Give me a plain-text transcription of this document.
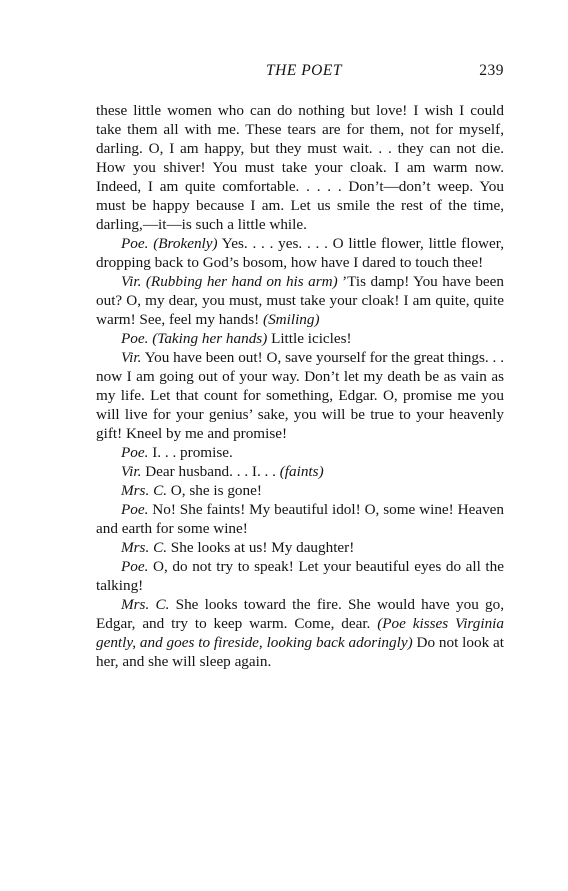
THE POET	239

these little women who can do nothing but love! I wish I could take them all with me. These tears are for them, not for myself, darling. O, I am happy, but they must wait. . . they can not die. How you shiver! You must take your cloak. I am warm now. Indeed, I am quite comfortable. . . . . Don’t—don’t weep. You must be happy because I am. Let us smile the rest of the time, darling,—it—is such a little while.

Poe. (Brokenly) Yes. . . . yes. . . . O little flower, little flower, dropping back to God’s bosom, how have I dared to touch thee!

Vir. (Rubbing her hand on his arm) ’Tis damp! You have been out? O, my dear, you must, must take your cloak! I am quite, quite warm! See, feel my hands! (Smiling)

Poe. (Taking her hands) Little icicles!

Vir. You have been out! O, save yourself for the great things. . . now I am going out of your way. Don’t let my death be as vain as my life. Let that count for something, Edgar. O, promise me you will live for your genius’ sake, you will be true to your heavenly gift! Kneel by me and promise!

Poe. I. . . promise.

Vir. Dear husband. . . I. . . (faints)

Mrs. C. O, she is gone!

Poe. No! She faints! My beautiful idol! O, some wine! Heaven and earth for some wine!

Mrs. C. She looks at us! My daughter!

Poe. O, do not try to speak! Let your beautiful eyes do all the talking!

Mrs. C. She looks toward the fire. She would have you go, Edgar, and try to keep warm. Come, dear. (Poe kisses Virginia gently, and goes to fireside, looking back adoringly) Do not look at her, and she will sleep again.
